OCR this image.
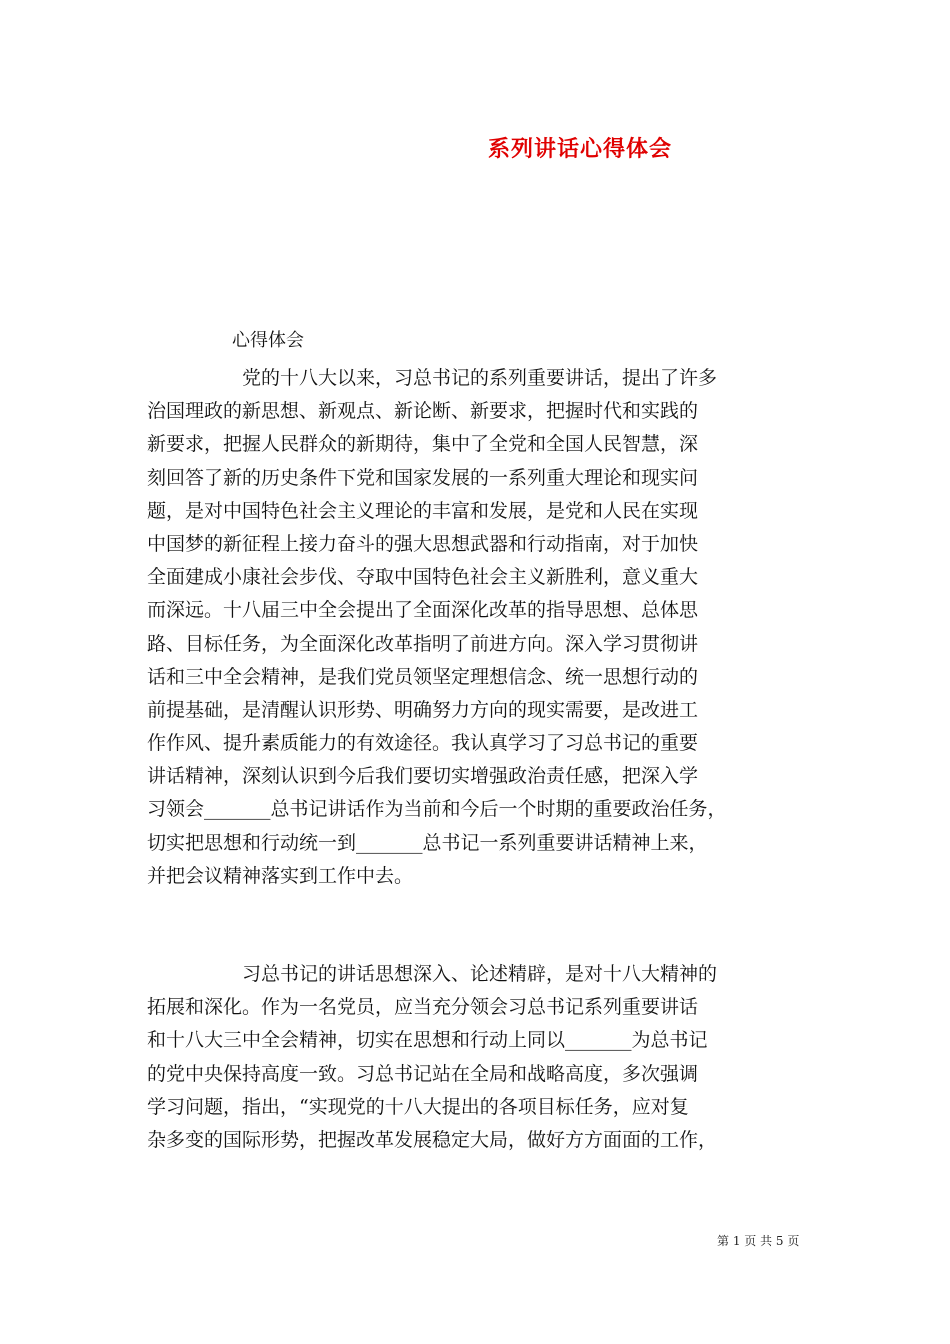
系列讲话心得体会
心得体会
党的十八大以来，习总书记的系列重要讲话，提出了许多
治国理政的新思想、新观点、新论断、新要求，把握时代和实践的
新要求，把握人民群众的新期待，集中了全党和全国人民智慧，深
刻回答了新的历史条件下党和国家发展的一系列重大理论和现实问
题，是对中国特色社会主义理论的丰富和发展，是党和人民在实现
中国梦的新征程上接力奋斗的强大思想武器和行动指南，对于加快
全面建成小康社会步伐、夺取中国特色社会主义新胜利，意义重大
而深远。十八届三中全会提出了全面深化改革的指导思想、总体思
路、目标任务，为全面深化改革指明了前进方向。深入学习贯彻讲
话和三中全会精神，是我们党员领坚定理想信念、统一思想行动的
前提基础，是清醒认识形势、明确努力方向的现实需要，是改进工
作作风、提升素质能力的有效途径。我认真学习了习总书记的重要
讲话精神，深刻认识到今后我们要切实增强政治责任感，把深入学
习领会_______总书记讲话作为当前和今后一个时期的重要政治任务，
切实把思想和行动统一到_______总书记一系列重要讲话精神上来，
并把会议精神落实到工作中去。
习总书记的讲话思想深入、论述精辟，是对十八大精神的
拓展和深化。作为一名党员，应当充分领会习总书记系列重要讲话
和十八大三中全会精神，切实在思想和行动上同以_______为总书记
的党中央保持高度一致。习总书记站在全局和战略高度，多次强调
学习问题，指出，“实现党的十八大提出的各项目标任务，应对复
杂多变的国际形势，把握改革发展稳定大局，做好方方面面的工作，
第 1 页 共 5 页
